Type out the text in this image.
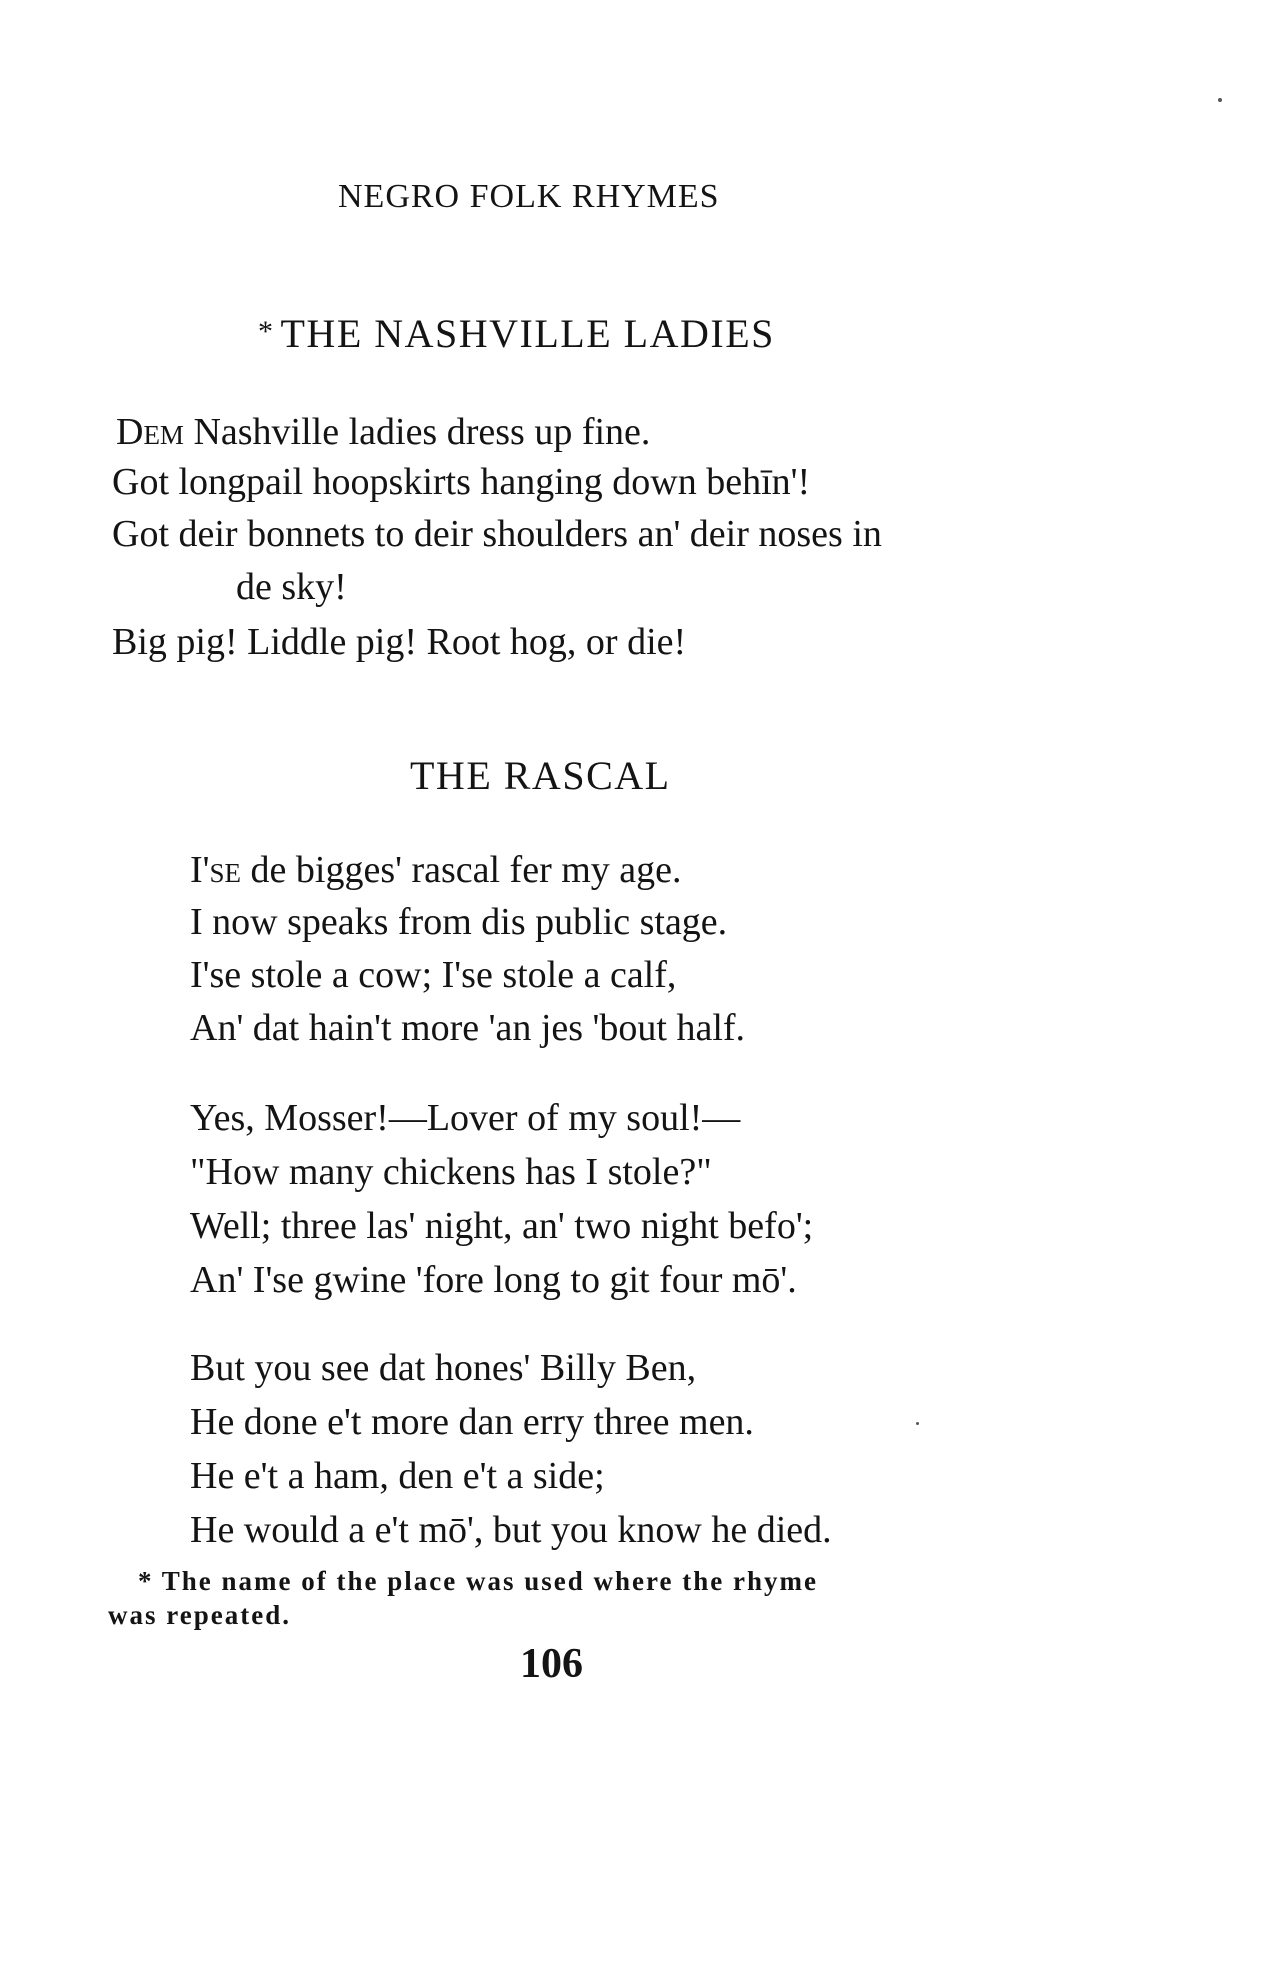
NEGRO FOLK RHYMES
* THE NASHVILLE LADIES
Dem Nashville ladies dress up fine.
Got longpail hoopskirts hanging down behīn'!
Got deir bonnets to deir shoulders an' deir noses in
de sky!
Big pig! Liddle pig! Root hog, or die!
THE RASCAL
I'se de bigges' rascal fer my age.
I now speaks from dis public stage.
I'se stole a cow; I'se stole a calf,
An' dat hain't more 'an jes 'bout half.
Yes, Mosser!—Lover of my soul!—
"How many chickens has I stole?"
Well; three las' night, an' two night befo';
An' I'se gwine 'fore long to git four mō'.
But you see dat hones' Billy Ben,
He done e't more dan erry three men.
He e't a ham, den e't a side;
He would a e't mō', but you know he died.
* The name of the place was used where the rhyme
was repeated.
106
